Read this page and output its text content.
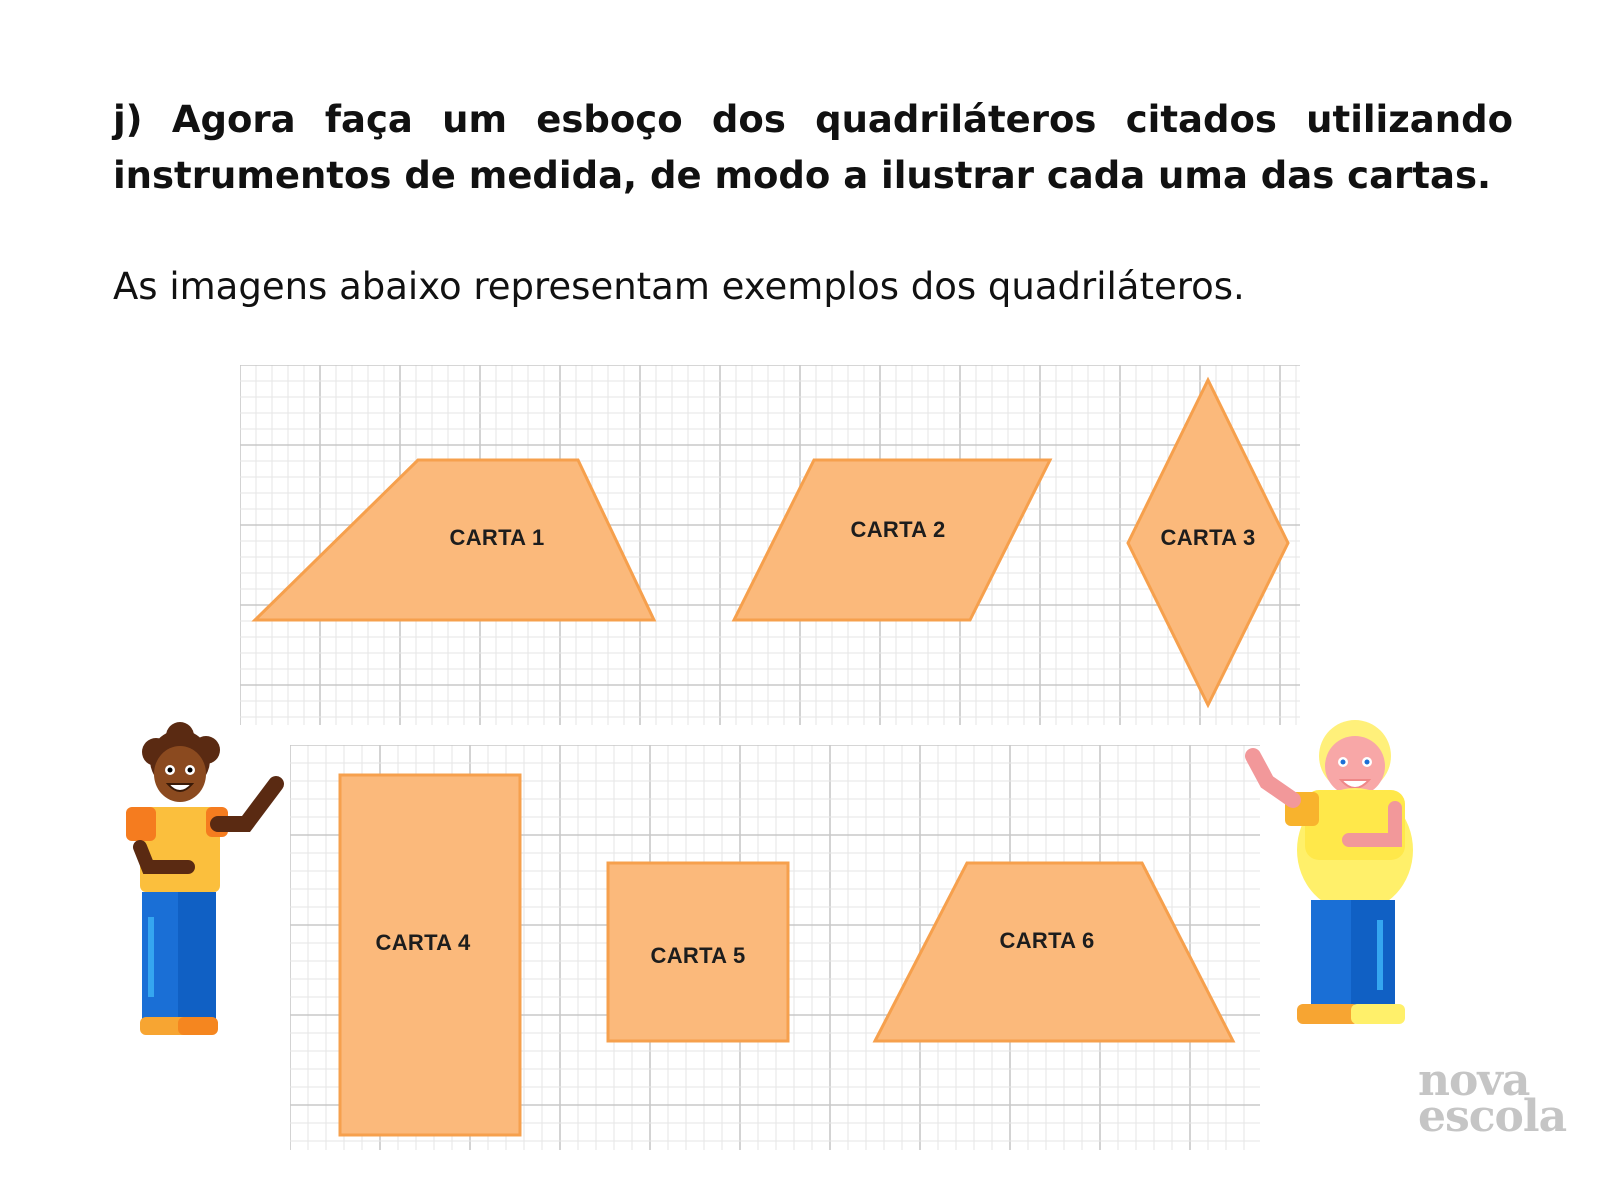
j) Agora faça um esboço dos quadriláteros citados utilizando instrumentos de medida, de modo a ilustrar cada uma das cartas.

As imagens abaixo representam exemplos dos quadriláteros.

CARTA 1	CARTA 2	CARTA 3
CARTA 4
CARTA 5
CARTA 6
nova
escola
